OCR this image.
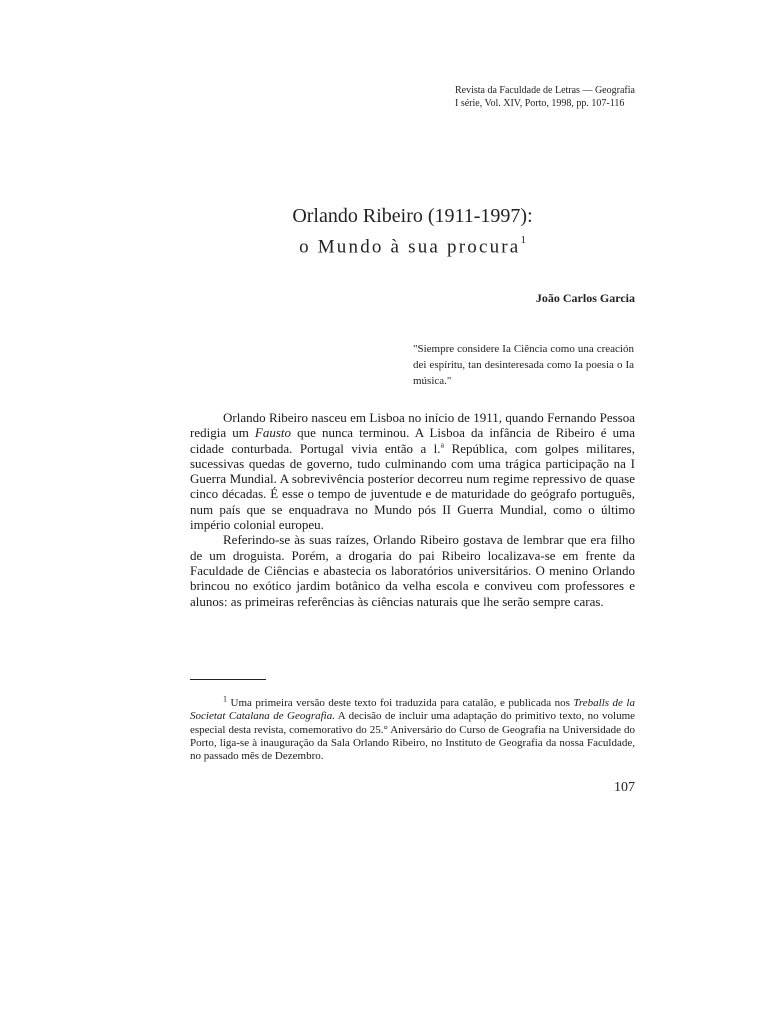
Revista da Faculdade de Letras — Geografia
I série, Vol. XIV, Porto, 1998, pp. 107-116
Orlando Ribeiro (1911-1997):
o Mundo à sua procura$^1$
João Carlos Garcia
"Siempre considere Ia Ciência como una creación dei espíritu, tan desinteresada como Ia poesia o Ia música."

Orlando Ribeiro nasceu em Lisboa no início de 1911, quando Fernando Pessoa redigia um Fausto que nunca terminou. A Lisboa da infância de Ribeiro é uma cidade conturbada. Portugal vivia então a l.$^a$ República, com golpes militares, sucessivas quedas de governo, tudo culminando com uma trágica participação na I Guerra Mundial. A sobrevivência posterior decorreu num regime repressivo de quase cinco décadas. É esse o tempo de juventude e de maturidade do geógrafo português, num país que se enquadrava no Mundo pós II Guerra Mundial, como o último império colonial europeu.

Referindo-se às suas raízes, Orlando Ribeiro gostava de lembrar que era filho de um droguista. Porém, a drogaria do pai Ribeiro localizava-se em frente da Faculdade de Ciências e abastecia os laboratórios universitários. O menino Orlando brincou no exótico jardim botânico da velha escola e conviveu com professores e alunos: as primeiras referências às ciências naturais que lhe serão sempre caras.

$^1$ Uma primeira versão deste texto foi traduzida para catalão, e publicada nos Treballs de la Societat Catalana de Geografia. A decisão de incluir uma adaptação do primitivo texto, no volume especial desta revista, comemorativo do 25.° Aniversário do Curso de Geografia na Universidade do Porto, liga-se à inauguração da Sala Orlando Ribeiro, no Instituto de Geografia da nossa Faculdade, no passado mês de Dezembro.

107
